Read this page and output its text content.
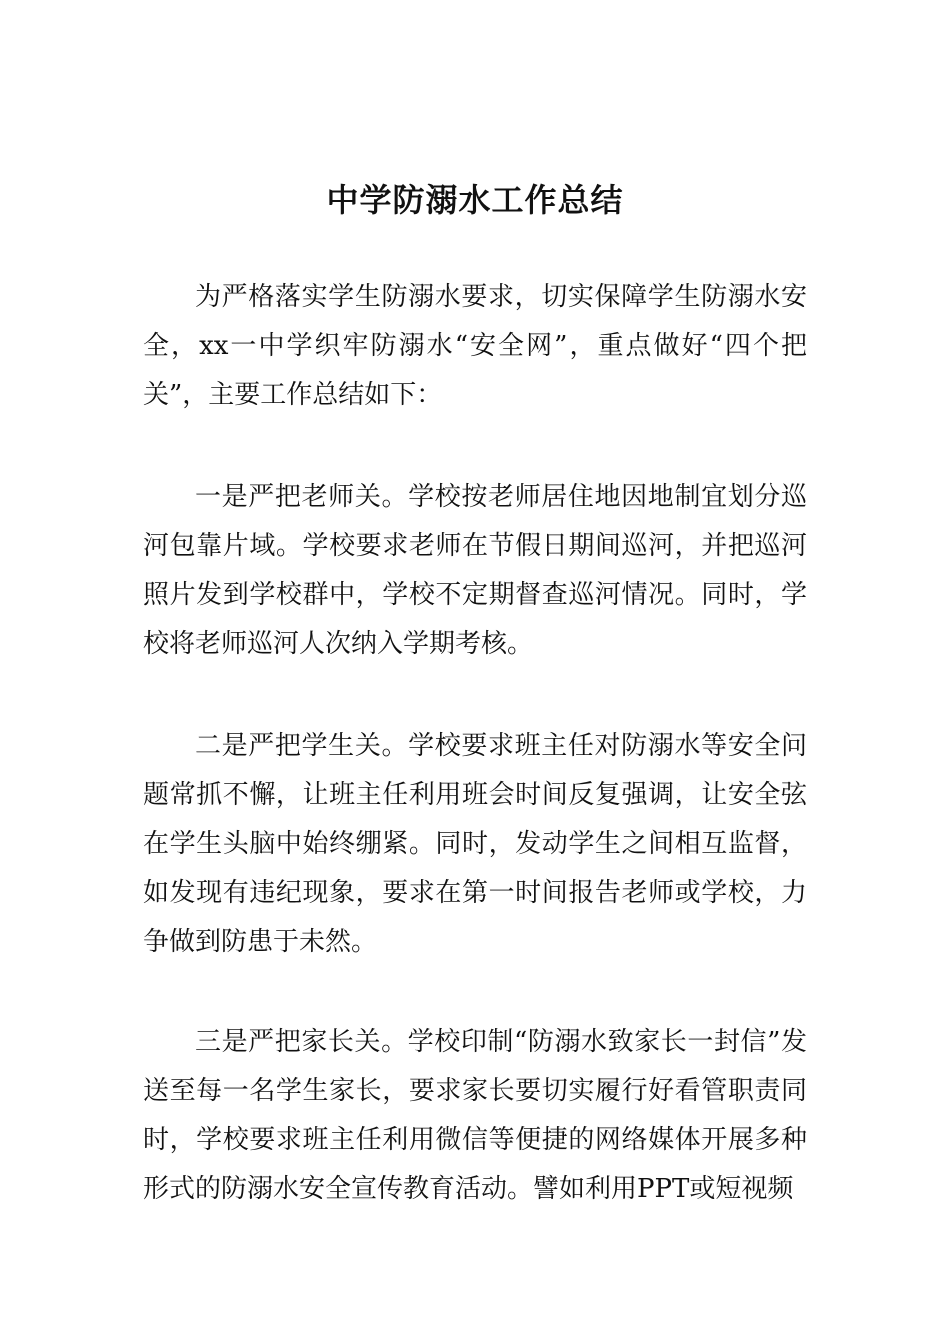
中学防溺水工作总结

为严格落实学生防溺水要求，切实保障学生防溺水安全，xx一中学织牢防溺水“安全网”，重点做好“四个把关”，主要工作总结如下：

一是严把老师关。学校按老师居住地因地制宜划分巡河包靠片域。学校要求老师在节假日期间巡河，并把巡河照片发到学校群中，学校不定期督查巡河情况。同时，学校将老师巡河人次纳入学期考核。

二是严把学生关。学校要求班主任对防溺水等安全问题常抓不懈，让班主任利用班会时间反复强调，让安全弦在学生头脑中始终绷紧。同时，发动学生之间相互监督，如发现有违纪现象，要求在第一时间报告老师或学校，力争做到防患于未然。

三是严把家长关。学校印制“防溺水致家长一封信”发送至每一名学生家长，要求家长要切实履行好看管职责同时，学校要求班主任利用微信等便捷的网络媒体开展多种形式的防溺水安全宣传教育活动。譬如利用PPT或短视频
